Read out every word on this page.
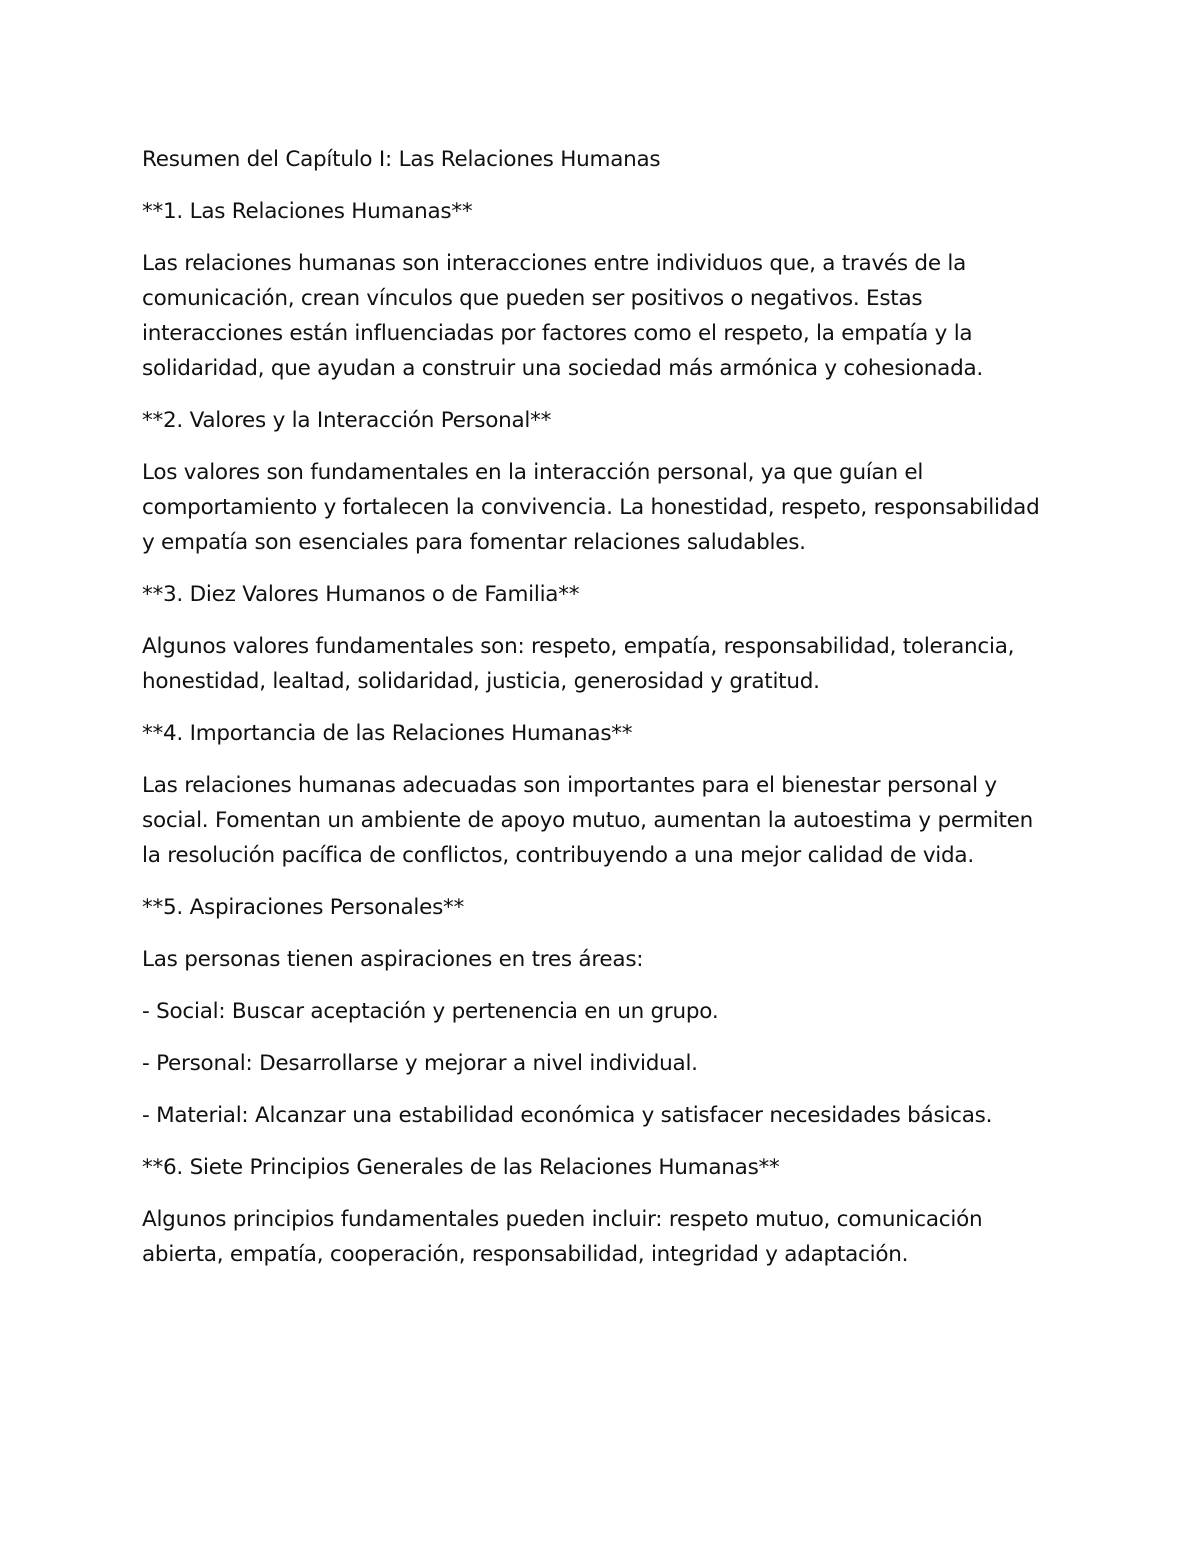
Resumen del Capítulo I: Las Relaciones Humanas

**1. Las Relaciones Humanas**

Las relaciones humanas son interacciones entre individuos que, a través de la comunicación, crean vínculos que pueden ser positivos o negativos. Estas interacciones están influenciadas por factores como el respeto, la empatía y la solidaridad, que ayudan a construir una sociedad más armónica y cohesionada.

**2. Valores y la Interacción Personal**

Los valores son fundamentales en la interacción personal, ya que guían el comportamiento y fortalecen la convivencia. La honestidad, respeto, responsabilidad y empatía son esenciales para fomentar relaciones saludables.

**3. Diez Valores Humanos o de Familia**

Algunos valores fundamentales son: respeto, empatía, responsabilidad, tolerancia, honestidad, lealtad, solidaridad, justicia, generosidad y gratitud.

**4. Importancia de las Relaciones Humanas**

Las relaciones humanas adecuadas son importantes para el bienestar personal y social. Fomentan un ambiente de apoyo mutuo, aumentan la autoestima y permiten la resolución pacífica de conflictos, contribuyendo a una mejor calidad de vida.

**5. Aspiraciones Personales**

Las personas tienen aspiraciones en tres áreas:

- Social: Buscar aceptación y pertenencia en un grupo.

- Personal: Desarrollarse y mejorar a nivel individual.

- Material: Alcanzar una estabilidad económica y satisfacer necesidades básicas.

**6. Siete Principios Generales de las Relaciones Humanas**

Algunos principios fundamentales pueden incluir: respeto mutuo, comunicación abierta, empatía, cooperación, responsabilidad, integridad y adaptación.
